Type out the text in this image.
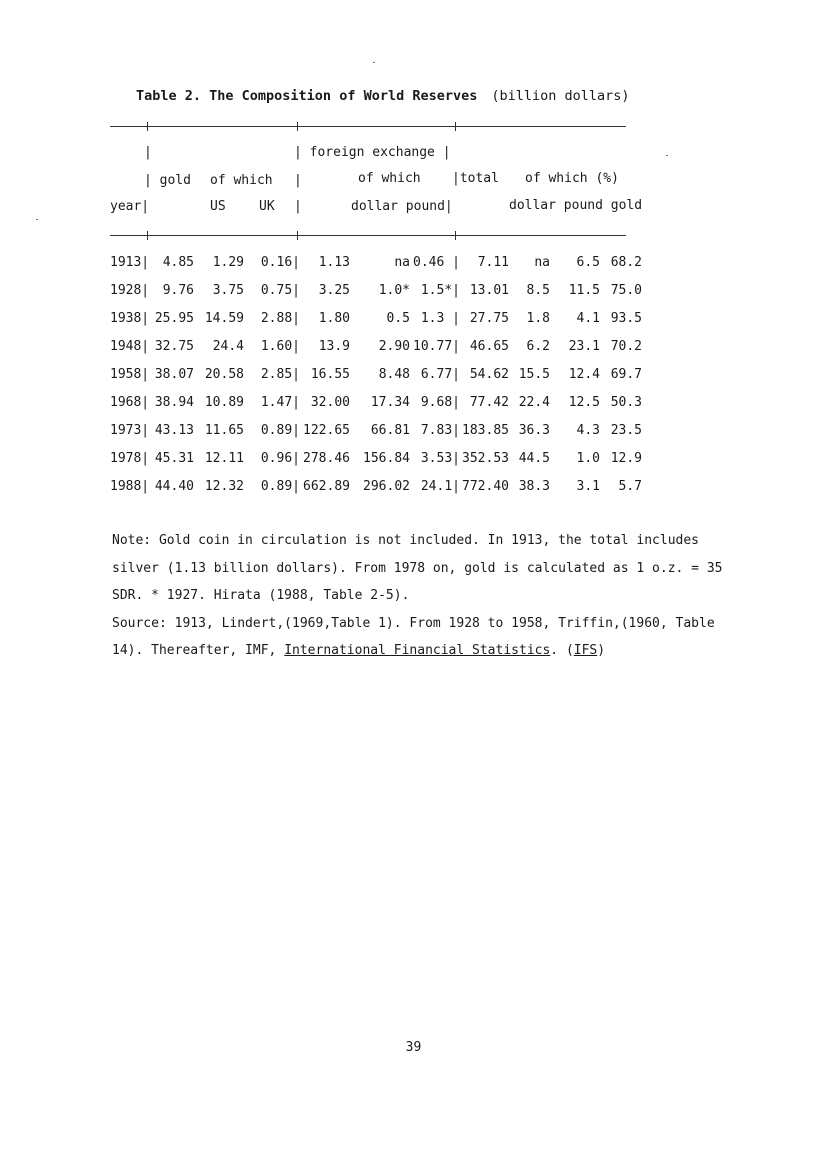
Table 2. The Composition of World Reserves (billion dollars)
|	| foreign exchange |
| gold of which |	of which |total of which (%)
year|	US	UK |	dollar pound|	dollar pound gold
1913|	4.85	1.29	0.16|	1.13	na 0.46 |	7.11	na	6.5 68.2
1928|	9.76	3.75	0.75|	3.25	1.0* 1.5*| 13.01	8.5	11.5 75.0
1938| 25.95 14.59	2.88|	1.80	0.5 1.3 | 27.75	1.8	4.1 93.5
1948| 32.75	24.4	1.60|	13.9	2.90 10.77| 46.65	6.2	23.1 70.2
1958| 38.07 20.58	2.85| 16.55	8.48 6.77| 54.62 15.5	12.4 69.7
1968| 38.94 10.89	1.47| 32.00	17.34 9.68| 77.42 22.4	12.5 50.3
1973| 43.13 11.65	0.89| 122.65	66.81 7.83| 183.85 36.3	4.3 23.5
1978| 45.31 12.11	0.96| 278.46	156.84 3.53| 352.53 44.5	1.0 12.9
1988| 44.40 12.32	0.89| 662.89	296.02 24.1| 772.40 38.3	3.1	5.7

Note: Gold coin in circulation is not included. In 1913, the total includes silver (1.13 billion dollars). From 1978 on, gold is calculated as 1 o.z. = 35 SDR. * 1927. Hirata (1988, Table 2-5).

Source: 1913, Lindert,(1969,Table 1). From 1928 to 1958, Triffin,(1960, Table 14). Thereafter, IMF, International Financial Statistics. (IFS)

39
